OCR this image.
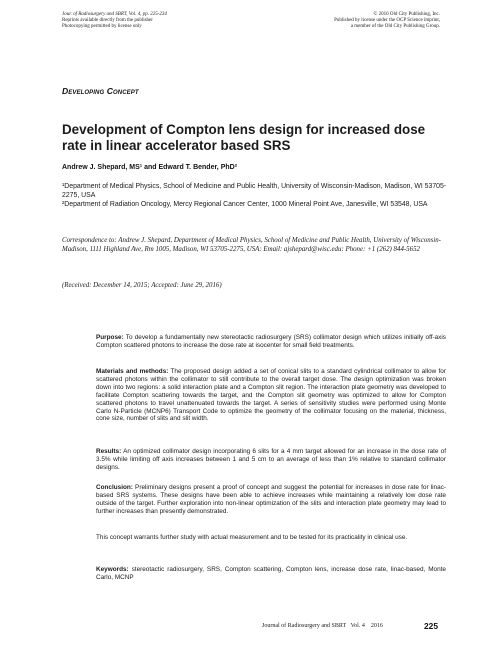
Jour. of Radiosurgery and SBRT, Vol. 4, pp. 225-234
Reprints available directly from the publisher
Photocopying permitted by license only
© 2016 Old City Publishing, Inc.
Published by license under the OCP Science imprint,
a member of the Old City Publishing Group.
Developing Concept
Development of Compton lens design for increased dose rate in linear accelerator based SRS
Andrew J. Shepard, MS¹ and Edward T. Bender, PhD²
¹Department of Medical Physics, School of Medicine and Public Health, University of Wisconsin-Madison, Madison, WI 53705-2275, USA
²Department of Radiation Oncology, Mercy Regional Cancer Center, 1000 Mineral Point Ave, Janesville, WI 53548, USA
Correspondence to: Andrew J. Shepard, Department of Medical Physics, School of Medicine and Public Health, University of Wisconsin-Madison, 1111 Highland Ave, Rm 1005, Madison, WI 53705-2275, USA: Email: ajshepard@wisc.edu: Phone: +1 (262) 844-5652
(Received: December 14, 2015; Accepted: June 29, 2016)

Purpose: To develop a fundamentally new stereotactic radiosurgery (SRS) collimator design which utilizes initially off-axis Compton scattered photons to increase the dose rate at isocenter for small field treatments.

Materials and methods: The proposed design added a set of conical slits to a standard cylindrical collimator to allow for scattered photons within the collimator to still contribute to the overall target dose. The design optimization was broken down into two regions: a solid interaction plate and a Compton slit region. The interaction plate geometry was developed to facilitate Compton scattering towards the target, and the Compton slit geometry was optimized to allow for Compton scattered photons to travel unattenuated towards the target. A series of sensitivity studies were performed using Monte Carlo N-Particle (MCNP6) Transport Code to optimize the geometry of the collimator focusing on the material, thickness, cone size, number of slits and slit width.

Results: An optimized collimator design incorporating 6 slits for a 4 mm target allowed for an increase in the dose rate of 3.5% while limiting off axis increases between 1 and 5 cm to an average of less than 1% relative to standard collimator designs.

Conclusion: Preliminary designs present a proof of concept and suggest the potential for increases in dose rate for linac-based SRS systems. These designs have been able to achieve increases while maintaining a relatively low dose rate outside of the target. Further exploration into non-linear optimization of the slits and interaction plate geometry may lead to further increases than presently demonstrated.

This concept warrants further study with actual measurement and to be tested for its practicality in clinical use.

Keywords: stereotactic radiosurgery, SRS, Compton scattering, Compton lens, increase dose rate, linac-based, Monte Carlo, MCNP

Journal of Radiosurgery and SBRT Vol. 4 2016	225
